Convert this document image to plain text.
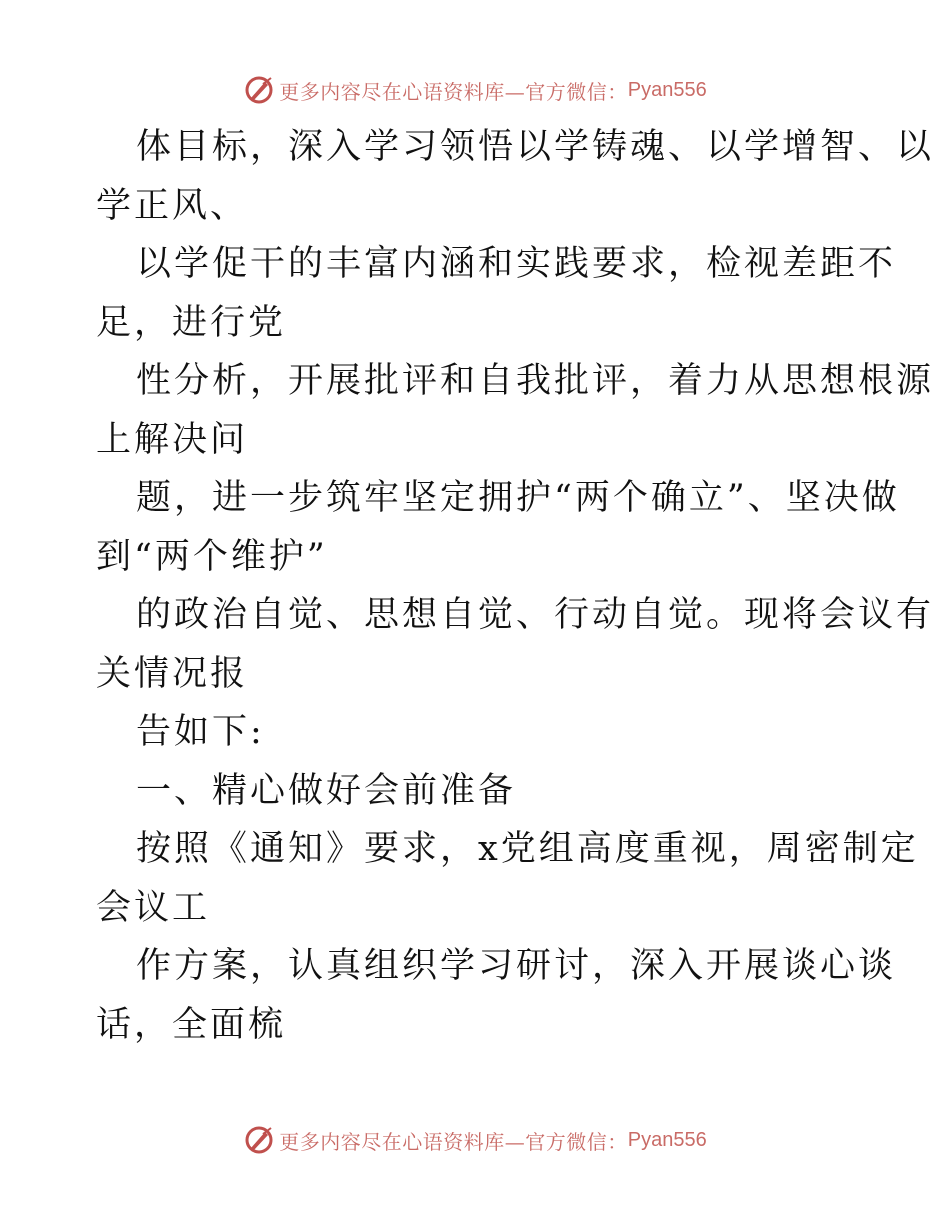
更多内容尽在心语资料库—官方微信： Pyan556
体目标，深入学习领悟以学铸魂、以学增智、以
学正风、
以学促干的丰富内涵和实践要求，检视差距不
足，进行党
性分析，开展批评和自我批评，着力从思想根源
上解决问
题，进一步筑牢坚定拥护“两个确立”、坚决做
到“两个维护”
的政治自觉、思想自觉、行动自觉。现将会议有
关情况报
告如下:
一、精心做好会前准备
按照《通知》要求，x党组高度重视，周密制定
会议工
作方案，认真组织学习研讨，深入开展谈心谈
话，全面梳
更多内容尽在心语资料库—官方微信： Pyan556
